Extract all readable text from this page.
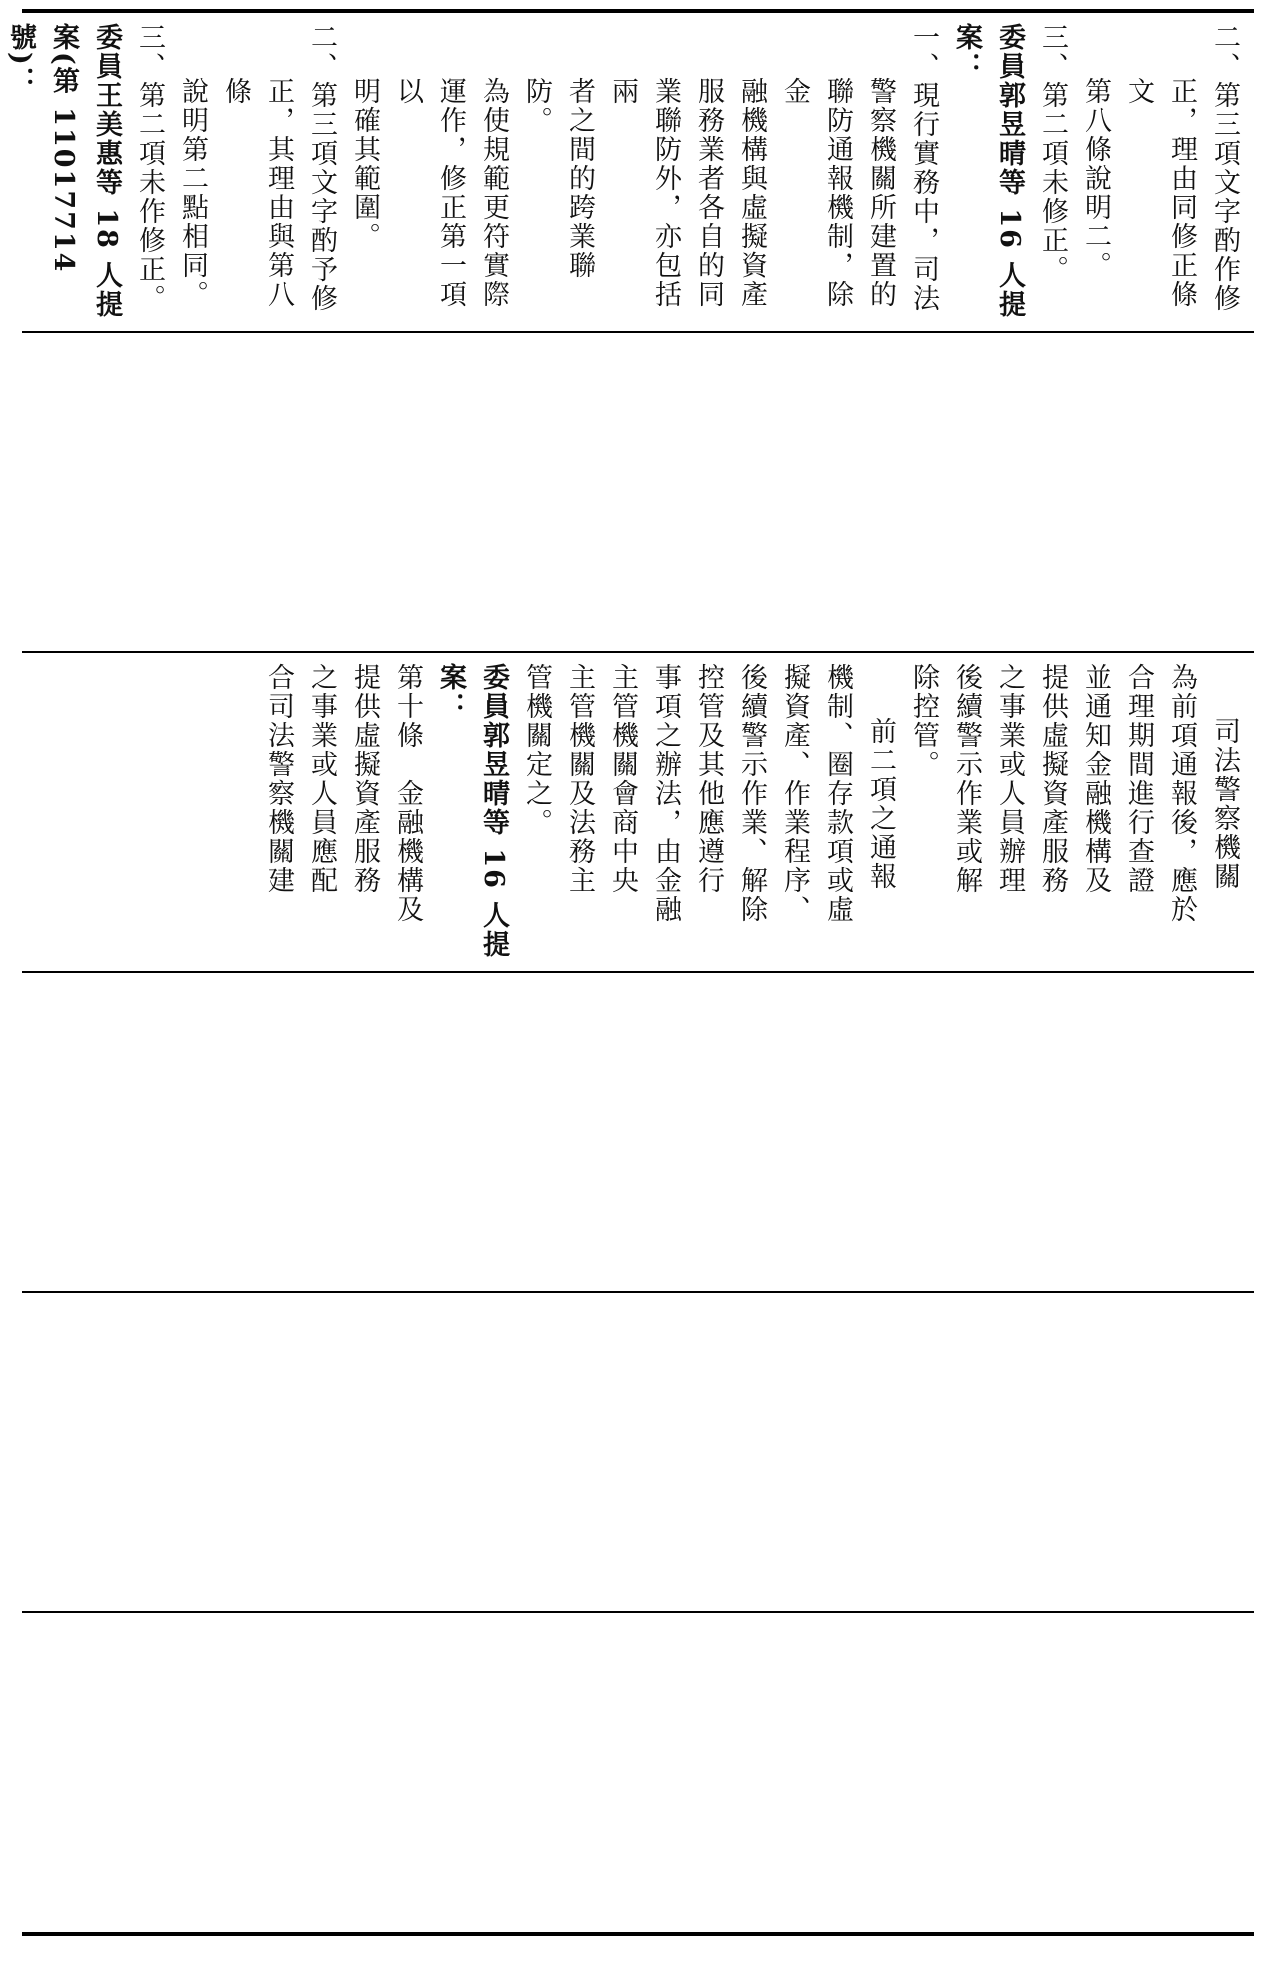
二、第三項文字酌作修

正，理由同修正條文

第八條說明二。

三、第二項未修正。

委員郭昱晴等 16 人提

案：

一、現行實務中，司法

警察機關所建置的

聯防通報機制，除金

融機構與虛擬資產

服務業者各自的同

業聯防外，亦包括兩

者之間的跨業聯防。

為使規範更符實際

運作，修正第一項以

明確其範圍。

二、第三項文字酌予修

正，其理由與第八條

說明第二點相同。

三、第二項未作修正。

委員王美惠等 18 人提

案(第 11017714 號)：

司法警察機關

為前項通報後，應於

合理期間進行查證

並通知金融機構及

提供虛擬資產服務

之事業或人員辦理

後續警示作業或解

除控管。

前二項之通報

機制、圈存款項或虛

擬資產、作業程序、

後續警示作業、解除

控管及其他應遵行

事項之辦法，由金融

主管機關會商中央

主管機關及法務主

管機關定之。

委員郭昱晴等 16 人提

案：

第十條　金融機構及

提供虛擬資產服務

之事業或人員應配

合司法警察機關建
